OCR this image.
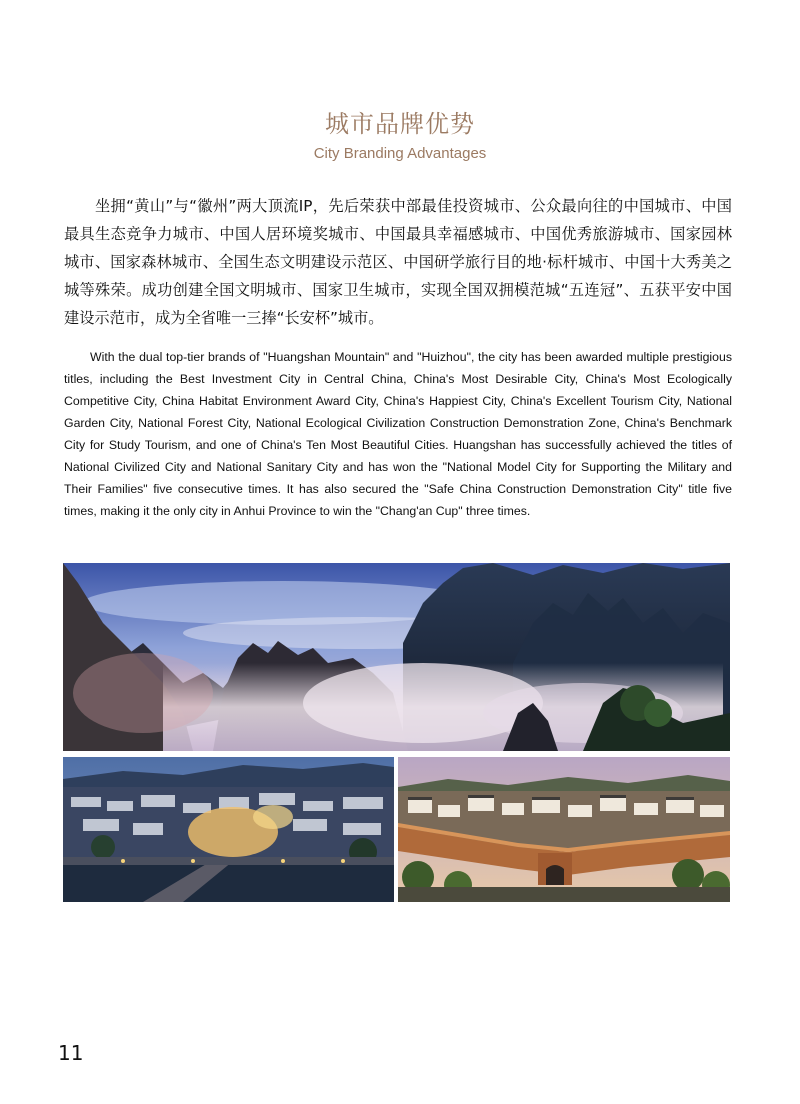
城市品牌优势
City Branding Advantages

坐拥“黄山”与“徽州”两大顶流IP，先后荣获中部最佳投资城市、公众最向往的中国城市、中国最具生态竞争力城市、中国人居环境奖城市、中国最具幸福感城市、中国优秀旅游城市、国家园林城市、国家森林城市、全国生态文明建设示范区、中国研学旅行目的地·标杆城市、中国十大秀美之城等殊荣。成功创建全国文明城市、国家卫生城市，实现全国双拥模范城“五连冠”、五获平安中国建设示范市，成为全省唯一三捧“长安杯”城市。

With the dual top-tier brands of "Huangshan Mountain" and "Huizhou", the city has been awarded multiple prestigious titles, including the Best Investment City in Central China, China's Most Desirable City, China's Most Ecologically Competitive City, China Habitat Environment Award City, China's Happiest City, China's Excellent Tourism City, National Garden City, National Forest City, National Ecological Civilization Construction Demonstration Zone, China's Benchmark City for Study Tourism, and one of China's Ten Most Beautiful Cities. Huangshan has successfully achieved the titles of National Civilized City and National Sanitary City and has won the "National Model City for Supporting the Military and Their Families" five consecutive times. It has also secured the "Safe China Construction Demonstration City" title five times, making it the only city in Anhui Province to win the "Chang'an Cup" three times.

11
